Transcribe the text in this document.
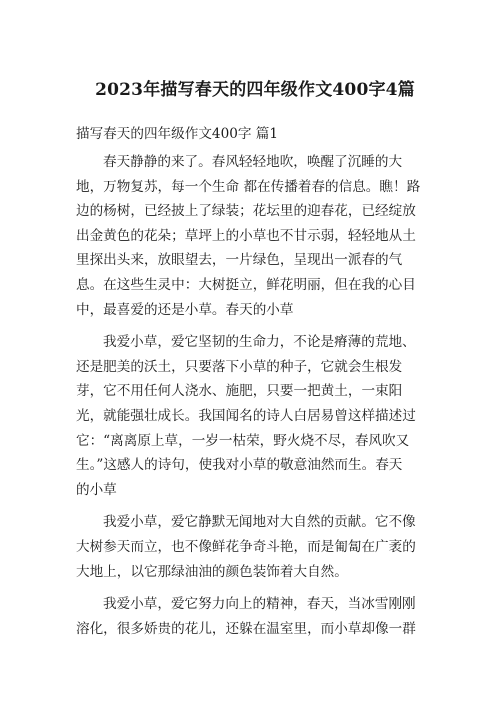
2023年描写春天的四年级作文400字4篇

描写春天的四年级作文400字 篇1

春天静静的来了。春风轻轻地吹，唤醒了沉睡的大
地，万物复苏，每一个生命 都在传播着春的信息。瞧！路
边的杨树，已经披上了绿装；花坛里的迎春花，已经绽放
出金黄色的花朵；草坪上的小草也不甘示弱，轻轻地从土
里探出头来，放眼望去，一片绿色，呈现出一派春的气
息。在这些生灵中：大树挺立，鲜花明丽，但在我的心目
中，最喜爱的还是小草。春天的小草

我爱小草，爱它坚韧的生命力，不论是瘠薄的荒地、
还是肥美的沃土，只要落下小草的种子，它就会生根发
芽，它不用任何人浇水、施肥，只要一把黄土，一束阳
光，就能强壮成长。我国闻名的诗人白居易曾这样描述过
它：“离离原上草，一岁一枯荣，野火烧不尽，春风吹又
生。”这感人的诗句，使我对小草的敬意油然而生。春天
的小草

我爱小草，爱它静默无闻地对大自然的贡献。它不像
大树参天而立，也不像鲜花争奇斗艳，而是匍匐在广袤的
大地上，以它那绿油油的颜色装饰着大自然。

我爱小草，爱它努力向上的精神，春天，当冰雪刚刚
溶化，很多娇贵的花儿，还躲在温室里，而小草却像一群
